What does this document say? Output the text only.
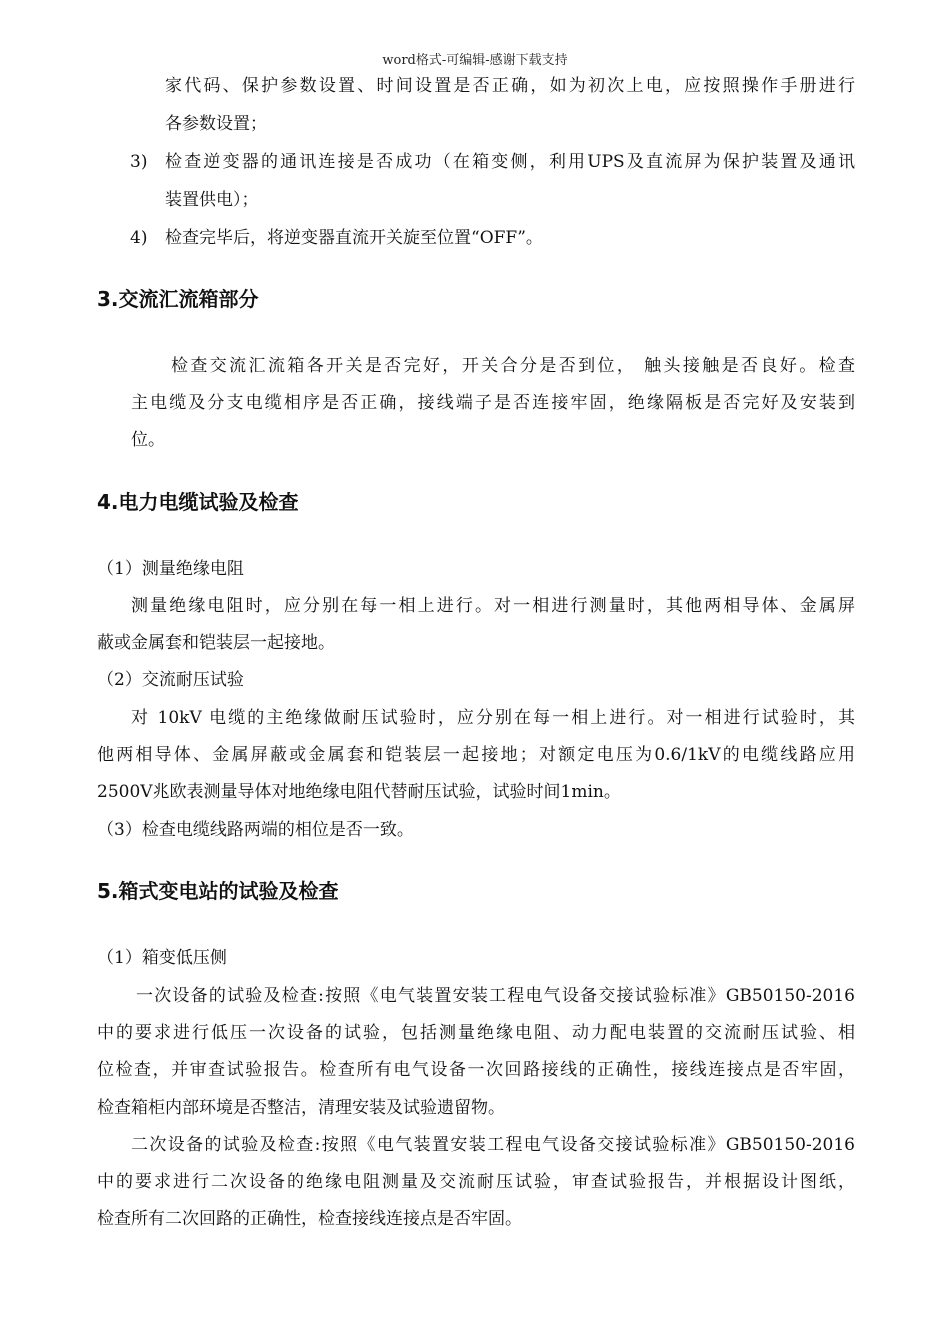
word格式-可编辑-感谢下载支持
家代码、保护参数设置、时间设置是否正确，如为初次上电，应按照操作手册进行
各参数设置；
3) 检查逆变器的通讯连接是否成功（在箱变侧，利用UPS及直流屏为保护装置及通讯
装置供电）；
4) 检查完毕后，将逆变器直流开关旋至位置“OFF”。
3.交流汇流箱部分
检查交流汇流箱各开关是否完好，开关合分是否到位， 触头接触是否良好。检查
主电缆及分支电缆相序是否正确，接线端子是否连接牢固，绝缘隔板是否完好及安装到
位。
4.电力电缆试验及检查
（1）测量绝缘电阻
测量绝缘电阻时，应分别在每一相上进行。对一相进行测量时，其他两相导体、金属屏
蔽或金属套和铠装层一起接地。
（2）交流耐压试验
对 10kV 电缆的主绝缘做耐压试验时，应分别在每一相上进行。对一相进行试验时，其
他两相导体、金属屏蔽或金属套和铠装层一起接地；对额定电压为0.6/1kV的电缆线路应用
2500V兆欧表测量导体对地绝缘电阻代替耐压试验，试验时间1min。
（3）检查电缆线路两端的相位是否一致。
5.箱式变电站的试验及检查
（1）箱变低压侧
一次设备的试验及检查:按照《电气装置安装工程电气设备交接试验标准》GB50150-2016
中的要求进行低压一次设备的试验，包括测量绝缘电阻、动力配电装置的交流耐压试验、相
位检查，并审查试验报告。检查所有电气设备一次回路接线的正确性，接线连接点是否牢固，
检查箱柜内部环境是否整洁，清理安装及试验遗留物。
二次设备的试验及检查:按照《电气装置安装工程电气设备交接试验标准》GB50150-2016
中的要求进行二次设备的绝缘电阻测量及交流耐压试验，审查试验报告，并根据设计图纸，
检查所有二次回路的正确性，检查接线连接点是否牢固。
